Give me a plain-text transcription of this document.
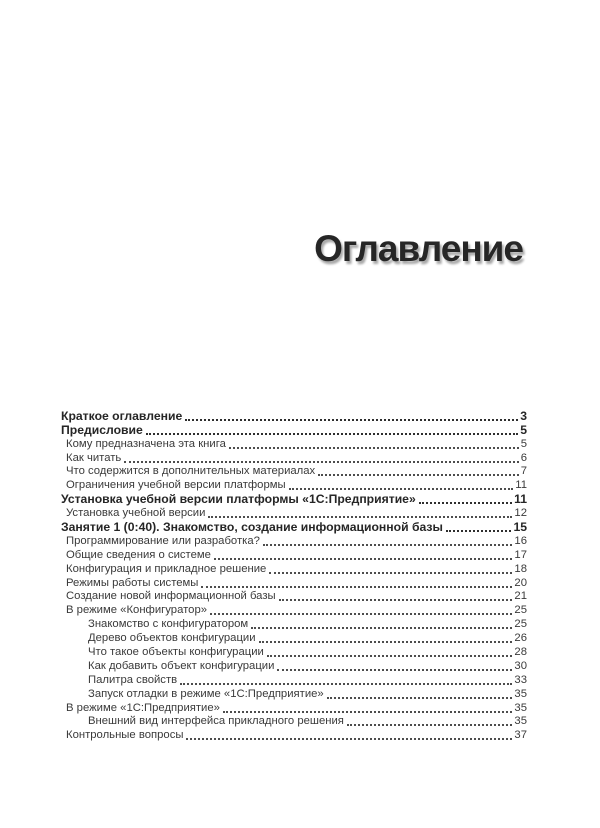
Оглавление
Краткое оглавление	3
Предисловие	5
Кому предназначена эта книга	5
Как читать	6
Что содержится в дополнительных материалах	7
Ограничения учебной версии платформы	11
Установка учебной версии платформы «1С:Предприятие»	11
Установка учебной версии	12
Занятие 1 (0:40). Знакомство, создание информационной базы	15
Программирование или разработка?	16
Общие сведения о системе	17
Конфигурация и прикладное решение	18
Режимы работы системы	20
Создание новой информационной базы	21
В режиме «Конфигуратор»	25
Знакомство с конфигуратором	25
Дерево объектов конфигурации	26
Что такое объекты конфигурации	28
Как добавить объект конфигурации	30
Палитра свойств	33
Запуск отладки в режиме «1С:Предприятие»	35
В режиме «1С:Предприятие»	35
Внешний вид интерфейса прикладного решения	35
Контрольные вопросы	37
